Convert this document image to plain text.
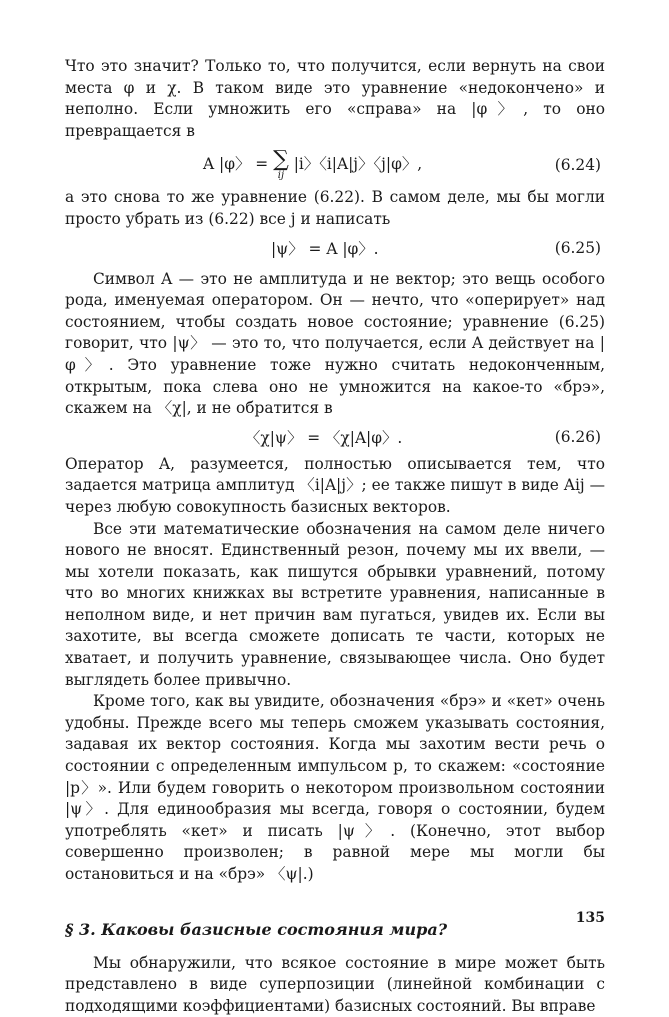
Что это значит? Только то, что получится, если вернуть на свои места φ и χ. В таком виде это уравнение «недокончено» и неполно. Если умножить его «справа» на |φ〉, то оно превращается в

A |φ〉 = ∑
ij
|i〉〈i|A|j〉〈j|φ〉,	(6.24)

а это снова то же уравнение (6.22). В самом деле, мы бы могли просто убрать из (6.22) все j и написать

|ψ〉 = A |φ〉.	(6.25)

Символ A — это не амплитуда и не вектор; это вещь особого рода, именуемая оператором. Он — нечто, что «оперирует» над состоянием, чтобы создать новое состояние; уравнение (6.25) говорит, что |ψ〉 — это то, что получается, если A действует на |φ〉. Это уравнение тоже нужно считать недоконченным, открытым, пока слева оно не умножится на какое-то «брэ», скажем на 〈χ|, и не обратится в

〈χ|ψ〉 = 〈χ|A|φ〉.	(6.26)

Оператор A, разумеется, полностью описывается тем, что задается матрица амплитуд 〈i|A|j〉; ее также пишут в виде Aij — через любую совокупность базисных векторов.

Все эти математические обозначения на самом деле ничего нового не вносят. Единственный резон, почему мы их ввели, — мы хотели показать, как пишутся обрывки уравнений, потому что во многих книжках вы встретите уравнения, написанные в неполном виде, и нет причин вам пугаться, увидев их. Если вы захотите, вы всегда сможете дописать те части, которых не хватает, и получить уравнение, связывающее числа. Оно будет выглядеть более привычно.

Кроме того, как вы увидите, обозначения «брэ» и «кет» очень удобны. Прежде всего мы теперь сможем указывать состояния, задавая их вектор состояния. Когда мы захотим вести речь о состоянии с определенным импульсом p, то скажем: «состояние |p〉». Или будем говорить о некотором произвольном состоянии |ψ〉. Для единообразия мы всегда, говоря о состоянии, будем употреблять «кет» и писать |ψ〉. (Конечно, этот выбор совершенно произволен; в равной мере мы могли бы остановиться и на «брэ» 〈ψ|.)

§ 3. Каковы базисные состояния мира?

Мы обнаружили, что всякое состояние в мире может быть представлено в виде суперпозиции (линейной комбинации с подходящими коэффициентами) базисных состояний. Вы вправе

135
